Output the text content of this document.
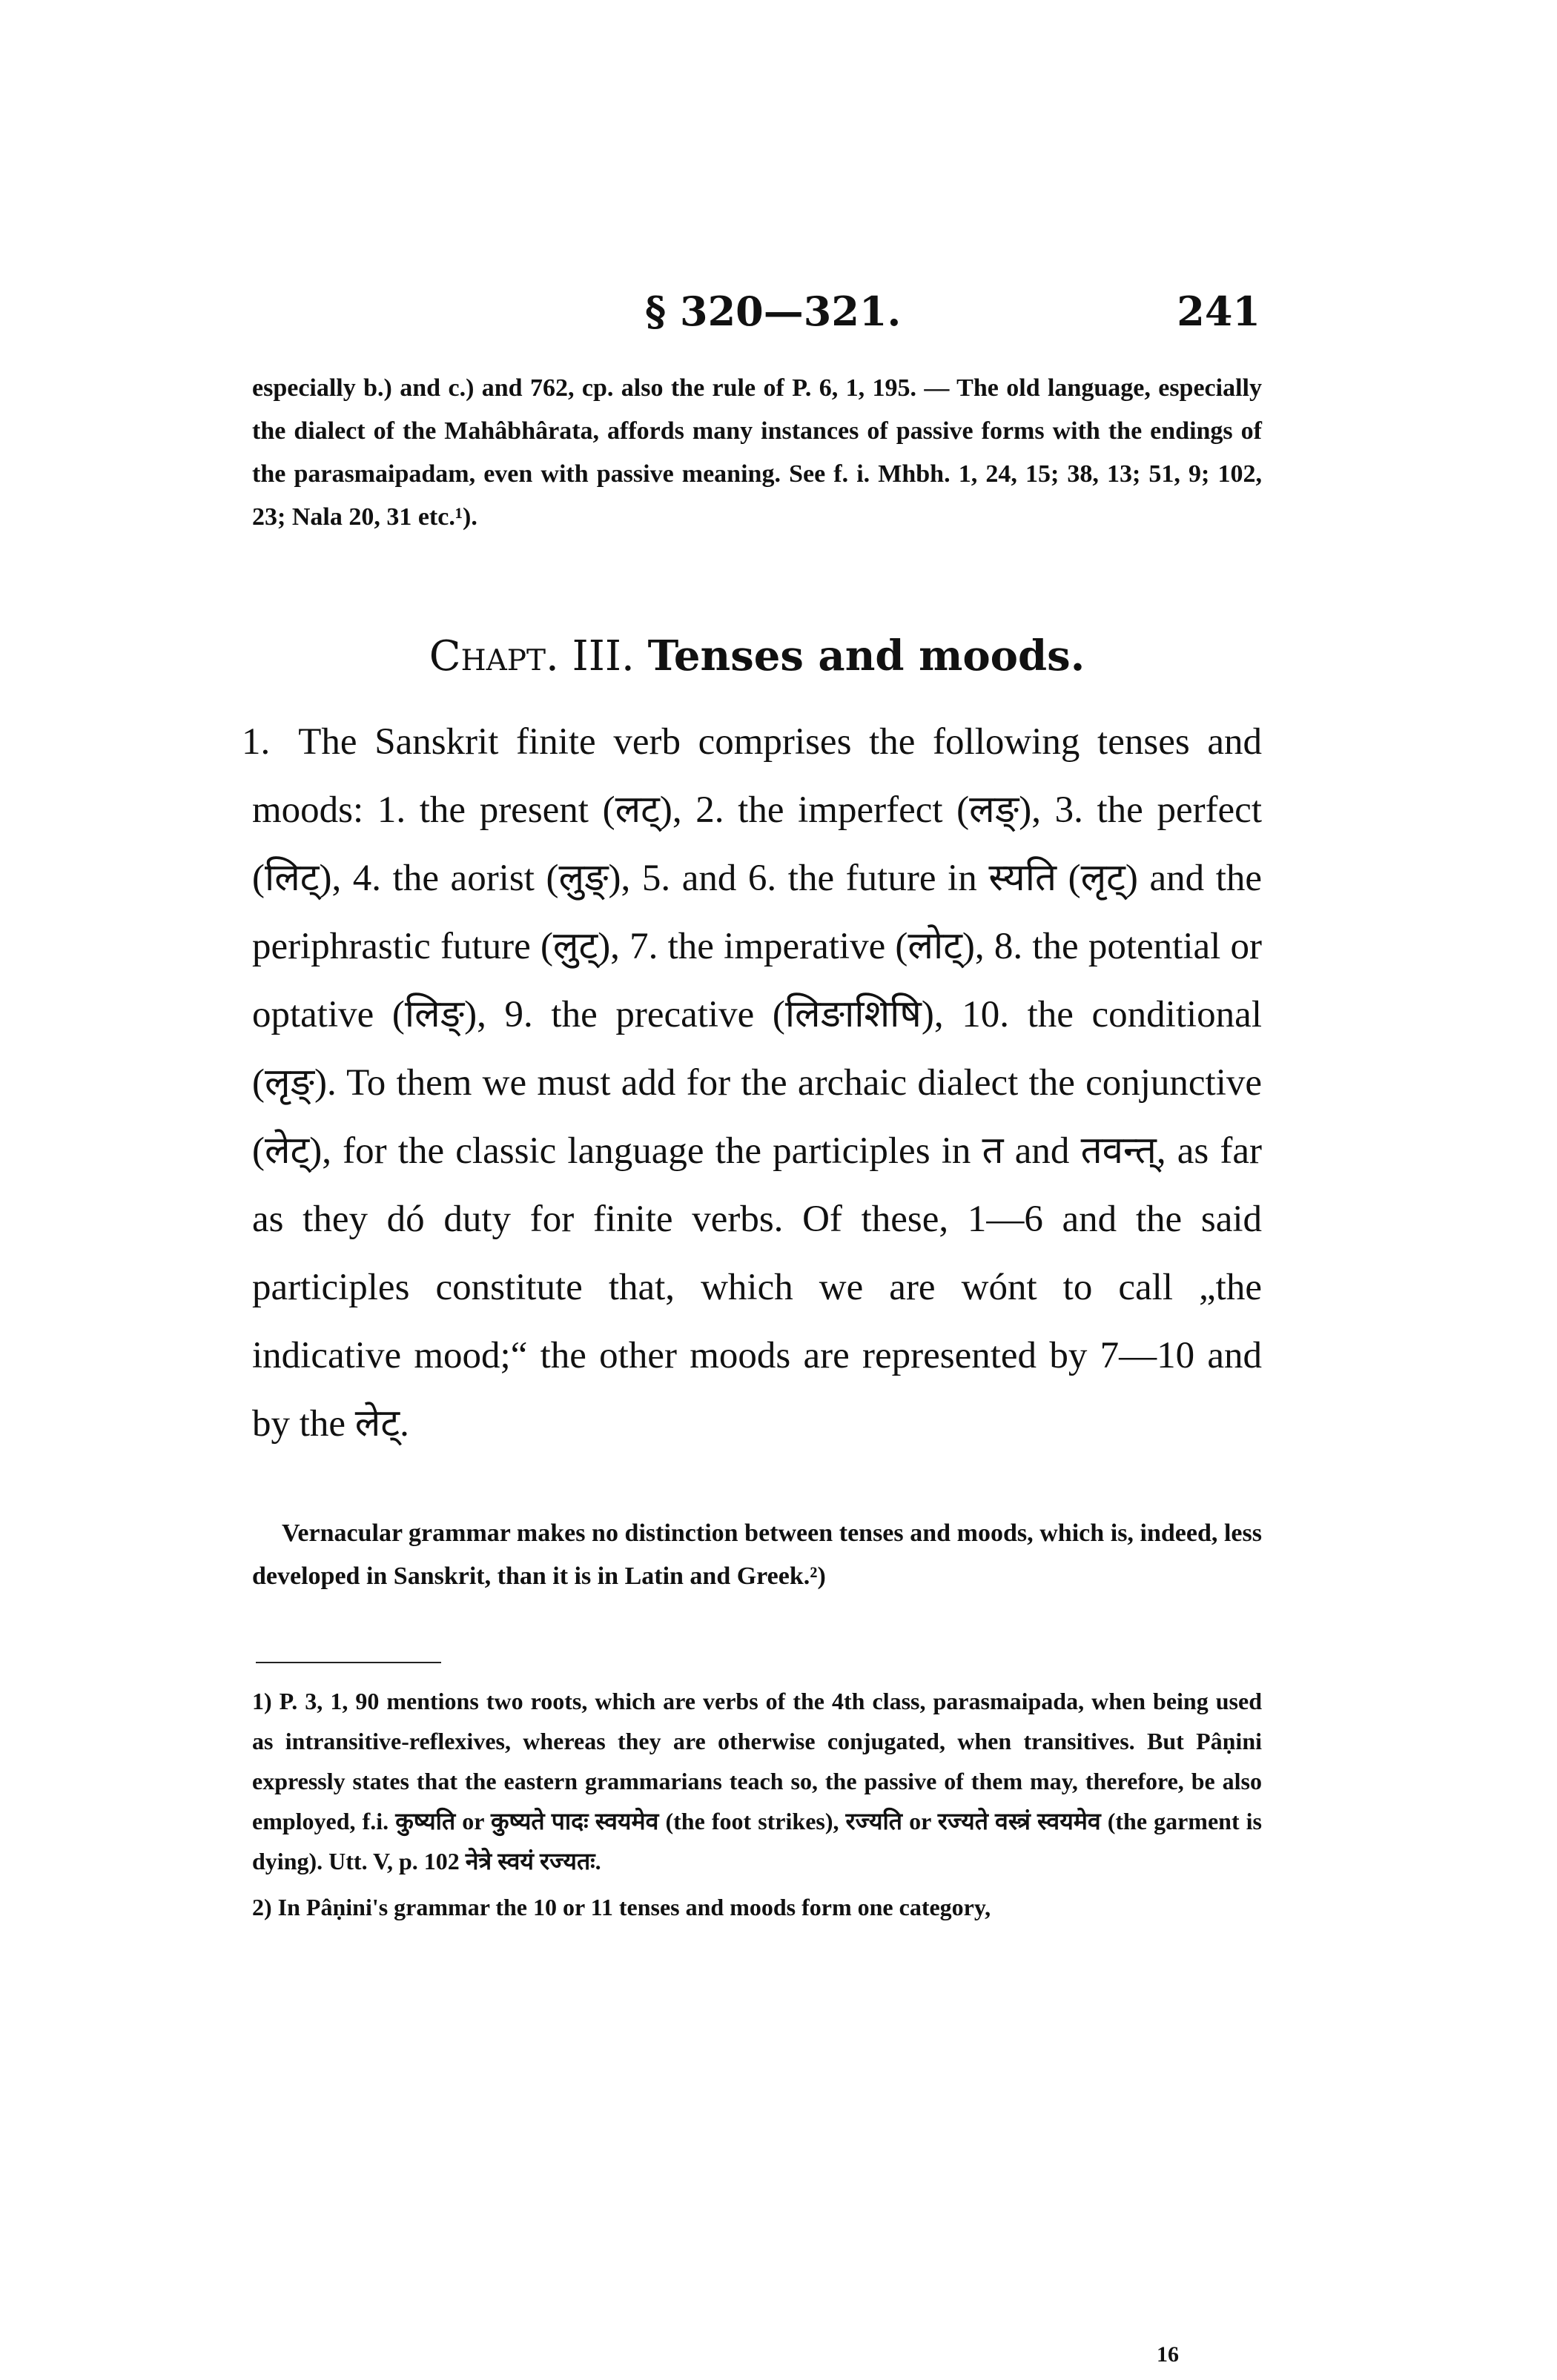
§ 320—321.	241
especially b.) and c.) and 762, cp. also the rule of P. 6, 1, 195. — The old language, especially the dialect of the Mahâbhârata, affords many instances of passive forms with the endings of the parasmaipadam, even with passive meaning. See f. i. Mhbh. 1, 24, 15; 38, 13; 51, 9; 102, 23; Nala 20, 31 etc.¹).
Chapt. III. Tenses and moods.
1. The Sanskrit finite verb comprises the following tenses and moods: 1. the present (लट्), 2. the imperfect (लङ्), 3. the perfect (लिट्), 4. the aorist (लुङ्), 5. and 6. the future in स्यति (लृट्) and the periphrastic future (लुट्), 7. the imperative (लोट्), 8. the potential or optative (लिङ्), 9. the precative (लिङाशिषि), 10. the conditional (लृङ्). To them we must add for the archaic dialect the conjunctive (लेट्), for the classic language the participles in त and तवन्त्, as far as they dó duty for finite verbs. Of these, 1—6 and the said participles constitute that, which we are wónt to call „the indicative mood;“ the other moods are represented by 7—10 and by the लेट्.
Vernacular grammar makes no distinction between tenses and moods, which is, indeed, less developed in Sanskrit, than it is in Latin and Greek.²)

1) P. 3, 1, 90 mentions two roots, which are verbs of the 4th class, parasmaipada, when being used as intransitive-reflexives, whereas they are otherwise conjugated, when transitives. But Pâṇini expressly states that the eastern grammarians teach so, the passive of them may, therefore, be also employed, f.i. कुष्यति or कुष्यते पादः स्वयमेव (the foot strikes), रज्यति or रज्यते वस्त्रं स्वयमेव (the garment is dying). Utt. V, p. 102 नेत्रे स्वयं रज्यतः.

2) In Pâṇini's grammar the 10 or 11 tenses and moods form one category,

16
